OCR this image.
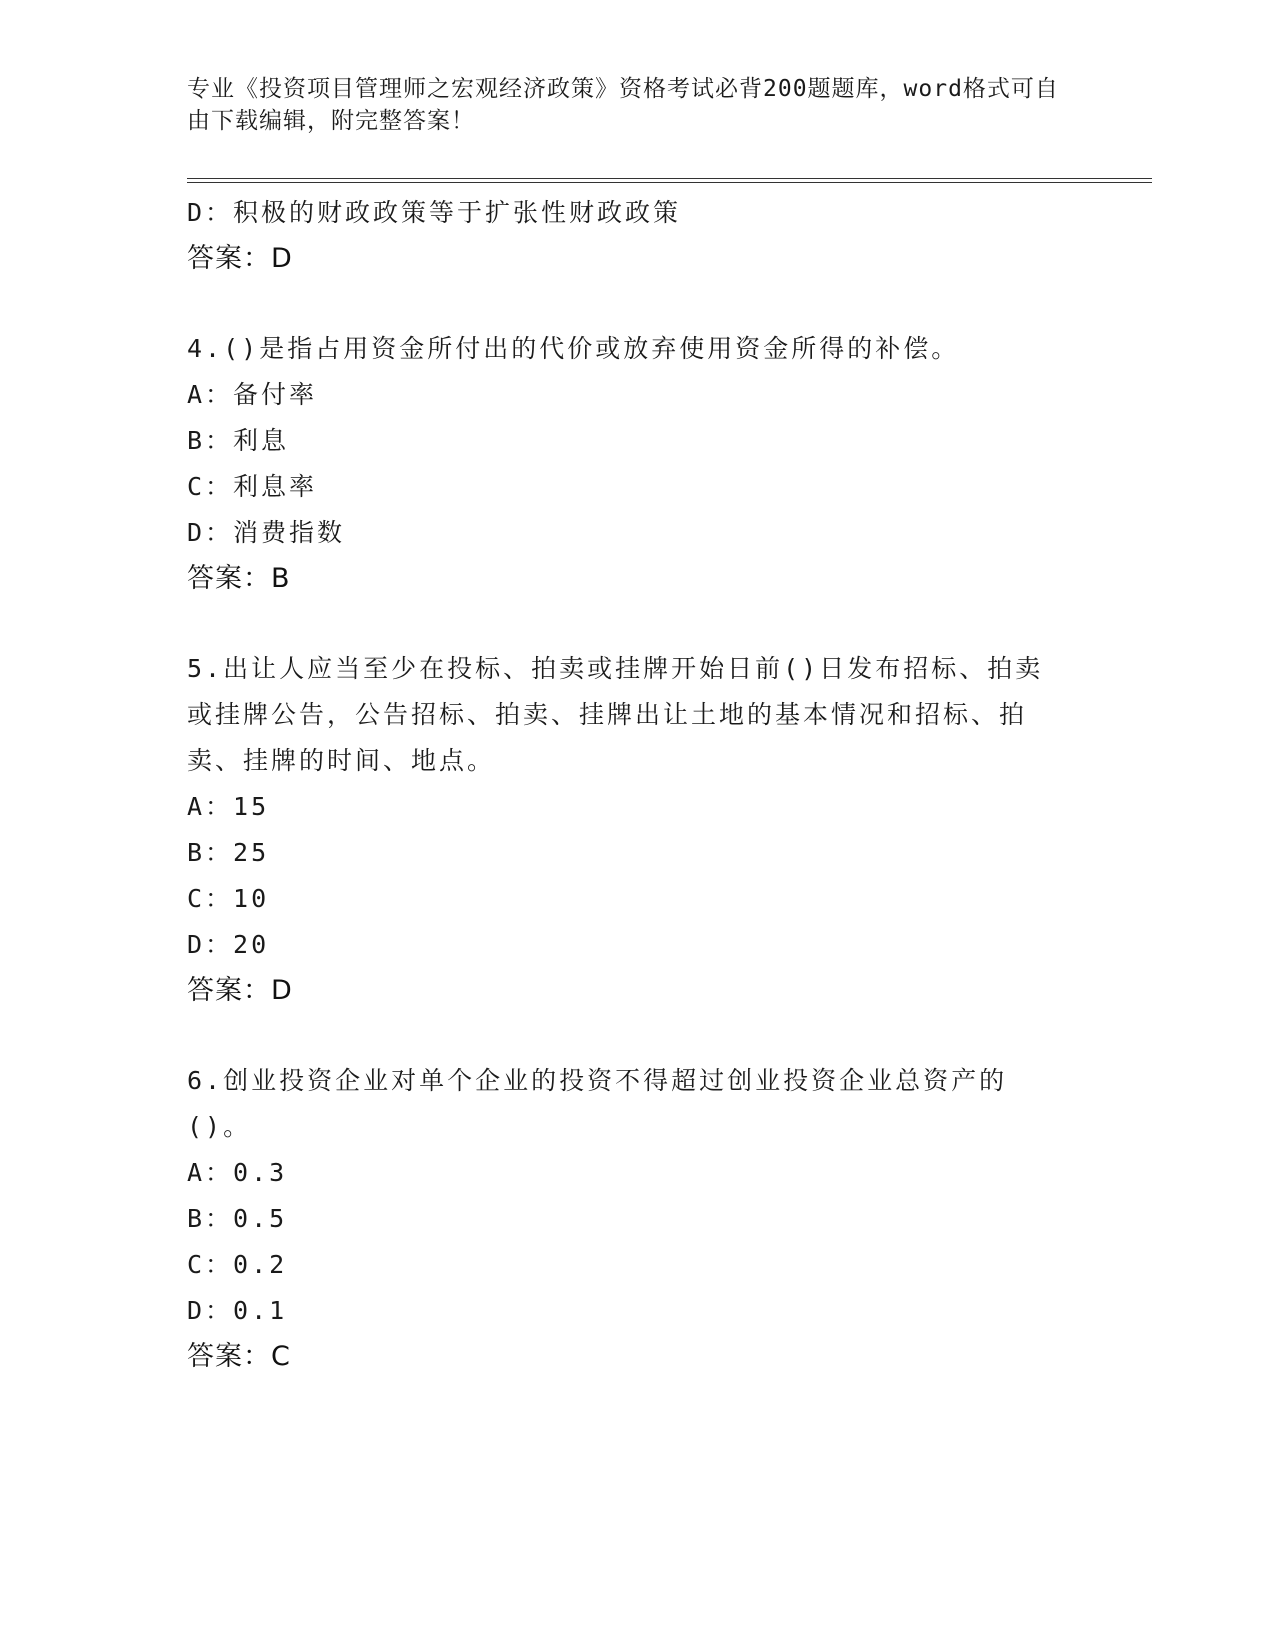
专业《投资项目管理师之宏观经济政策》资格考试必背200题题库，word格式可自由下载编辑，附完整答案！
D：积极的财政政策等于扩张性财政政策
答案：D
4.()是指占用资金所付出的代价或放弃使用资金所得的补偿。
A：备付率
B：利息
C：利息率
D：消费指数
答案：B
5.出让人应当至少在投标、拍卖或挂牌开始日前()日发布招标、拍卖或挂牌公告，公告招标、拍卖、挂牌出让土地的基本情况和招标、拍卖、挂牌的时间、地点。
A：15
B：25
C：10
D：20
答案：D
6.创业投资企业对单个企业的投资不得超过创业投资企业总资产的()。
A：0.3
B：0.5
C：0.2
D：0.1
答案：C
